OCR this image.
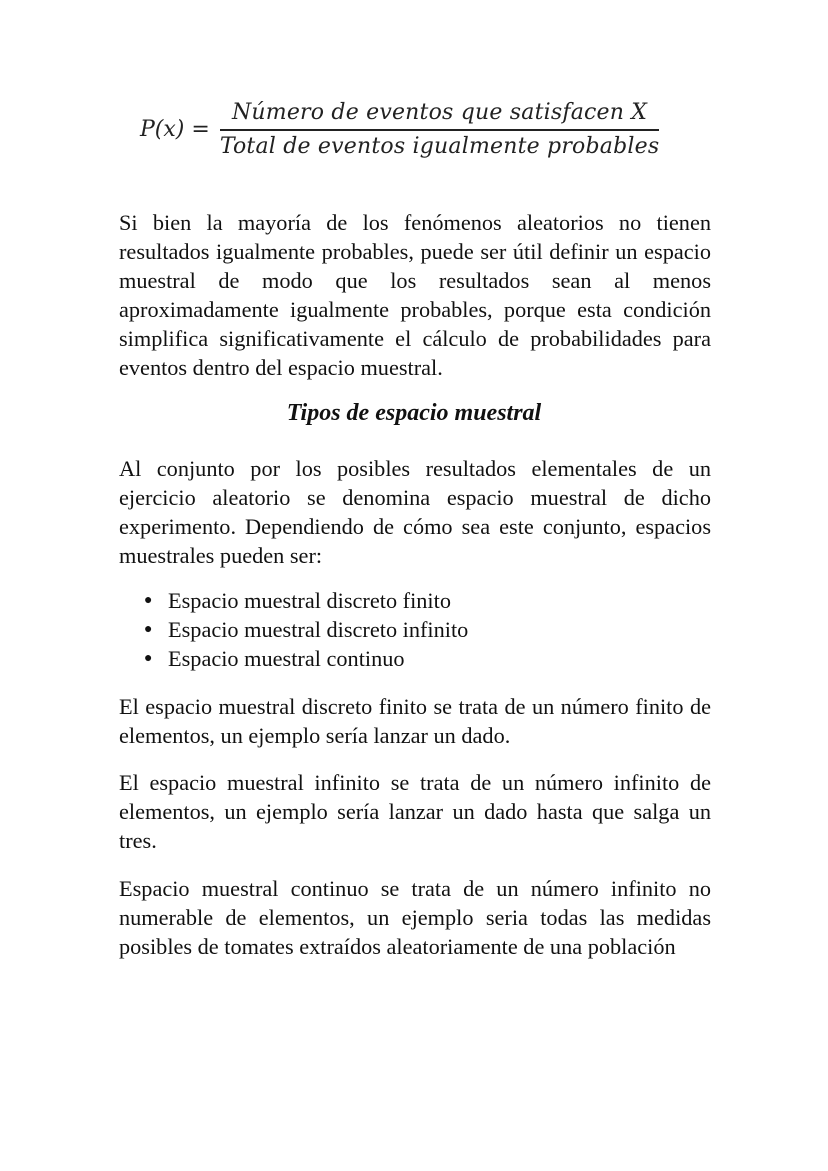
$P(x) = \frac{\text{Número de eventos que satisfacen X}}{\text{Total de eventos igualmente probables}}$

Si bien la mayoría de los fenómenos aleatorios no tienen resultados igualmente probables, puede ser útil definir un espacio muestral de modo que los resultados sean al menos aproximadamente igualmente probables, porque esta condición simplifica significativamente el cálculo de probabilidades para eventos dentro del espacio muestral.

Tipos de espacio muestral

Al conjunto por los posibles resultados elementales de un ejercicio aleatorio se denomina espacio muestral de dicho experimento. Dependiendo de cómo sea este conjunto, espacios muestrales pueden ser:

● Espacio muestral discreto finito
● Espacio muestral discreto infinito
● Espacio muestral continuo

El espacio muestral discreto finito se trata de un número finito de elementos, un ejemplo sería lanzar un dado.

El espacio muestral infinito se trata de un número infinito de elementos, un ejemplo sería lanzar un dado hasta que salga un tres.

Espacio muestral continuo se trata de un número infinito no numerable de elementos, un ejemplo seria todas las medidas posibles de tomates extraídos aleatoriamente de una población
